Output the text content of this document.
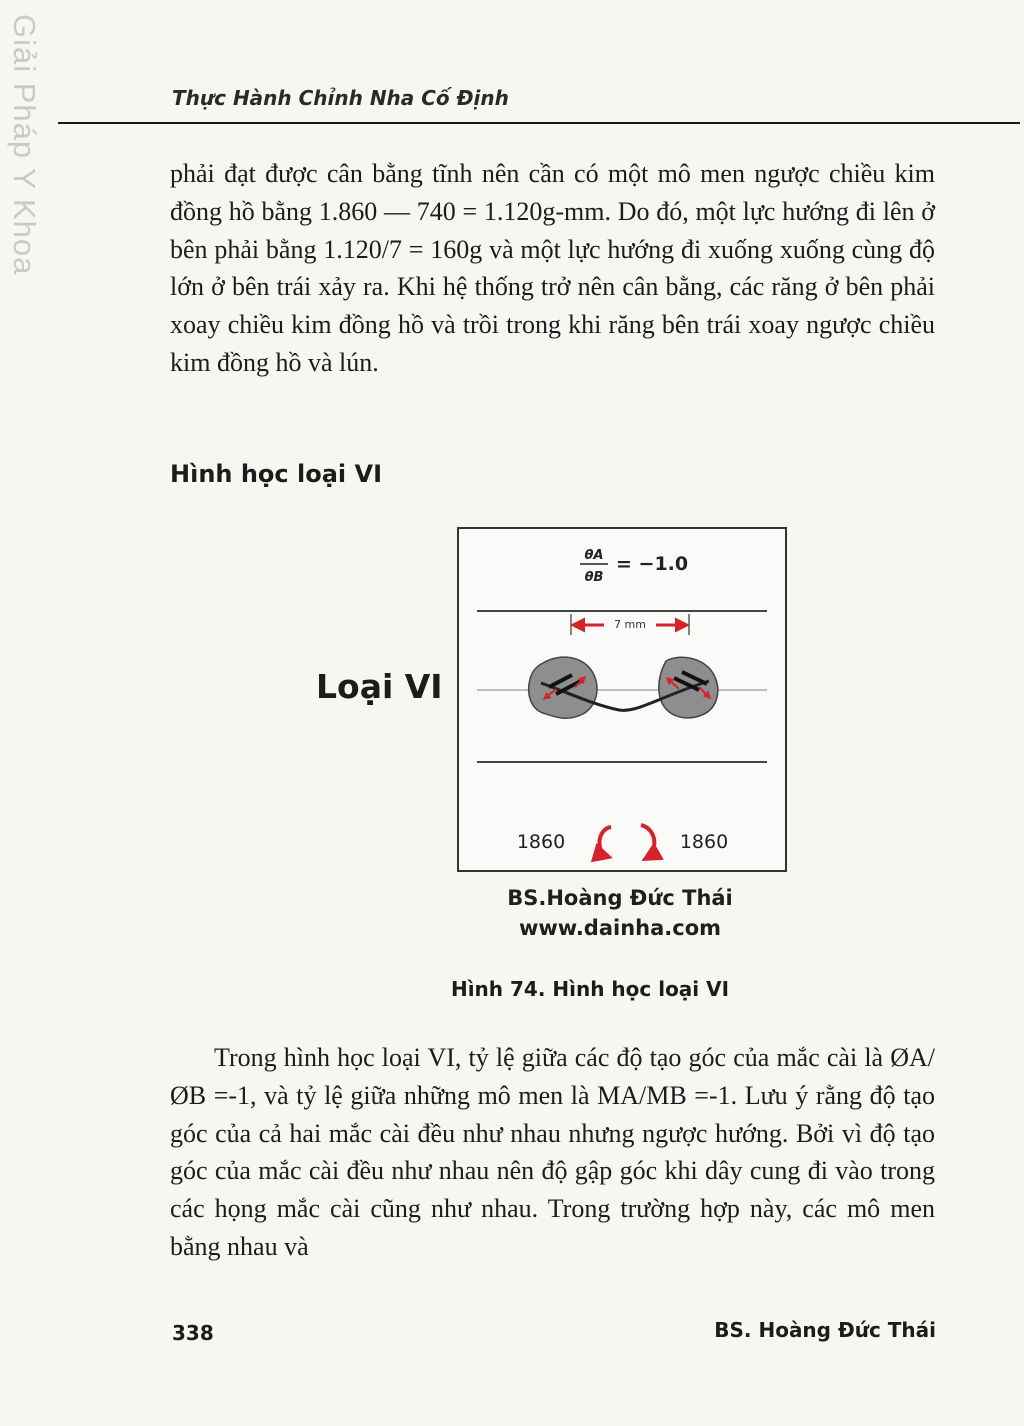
Giải Pháp Y Khoa	Thực Hành Chỉnh Nha Cố Định

phải đạt được cân bằng tĩnh nên cần có một mô men ngược chiều kim đồng hồ bằng 1.860 — 740 = 1.120g-mm. Do đó, một lực hướng đi lên ở bên phải bằng 1.120/7 = 160g và một lực hướng đi xuống xuống cùng độ lớn ở bên trái xảy ra. Khi hệ thống trở nên cân bằng, các răng ở bên phải xoay chiều kim đồng hồ và trồi trong khi răng bên trái xoay ngược chiều kim đồng hồ và lún.

Hình học loại VI
Loại VI
θA
θB
= −1.0
7 mm
1860	1860
BS.Hoàng Đức Thái
www.dainha.com
Hình 74. Hình học loại VI

Trong hình học loại VI, tỷ lệ giữa các độ tạo góc của mắc cài là ØA/ØB =-1, và tỷ lệ giữa những mô men là MA/MB =-1. Lưu ý rằng độ tạo góc của cả hai mắc cài đều như nhau nhưng ngược hướng. Bởi vì độ tạo góc của mắc cài đều như nhau nên độ gập góc khi dây cung đi vào trong các họng mắc cài cũng như nhau. Trong trường hợp này, các mô men bằng nhau và

338	BS. Hoàng Đức Thái
